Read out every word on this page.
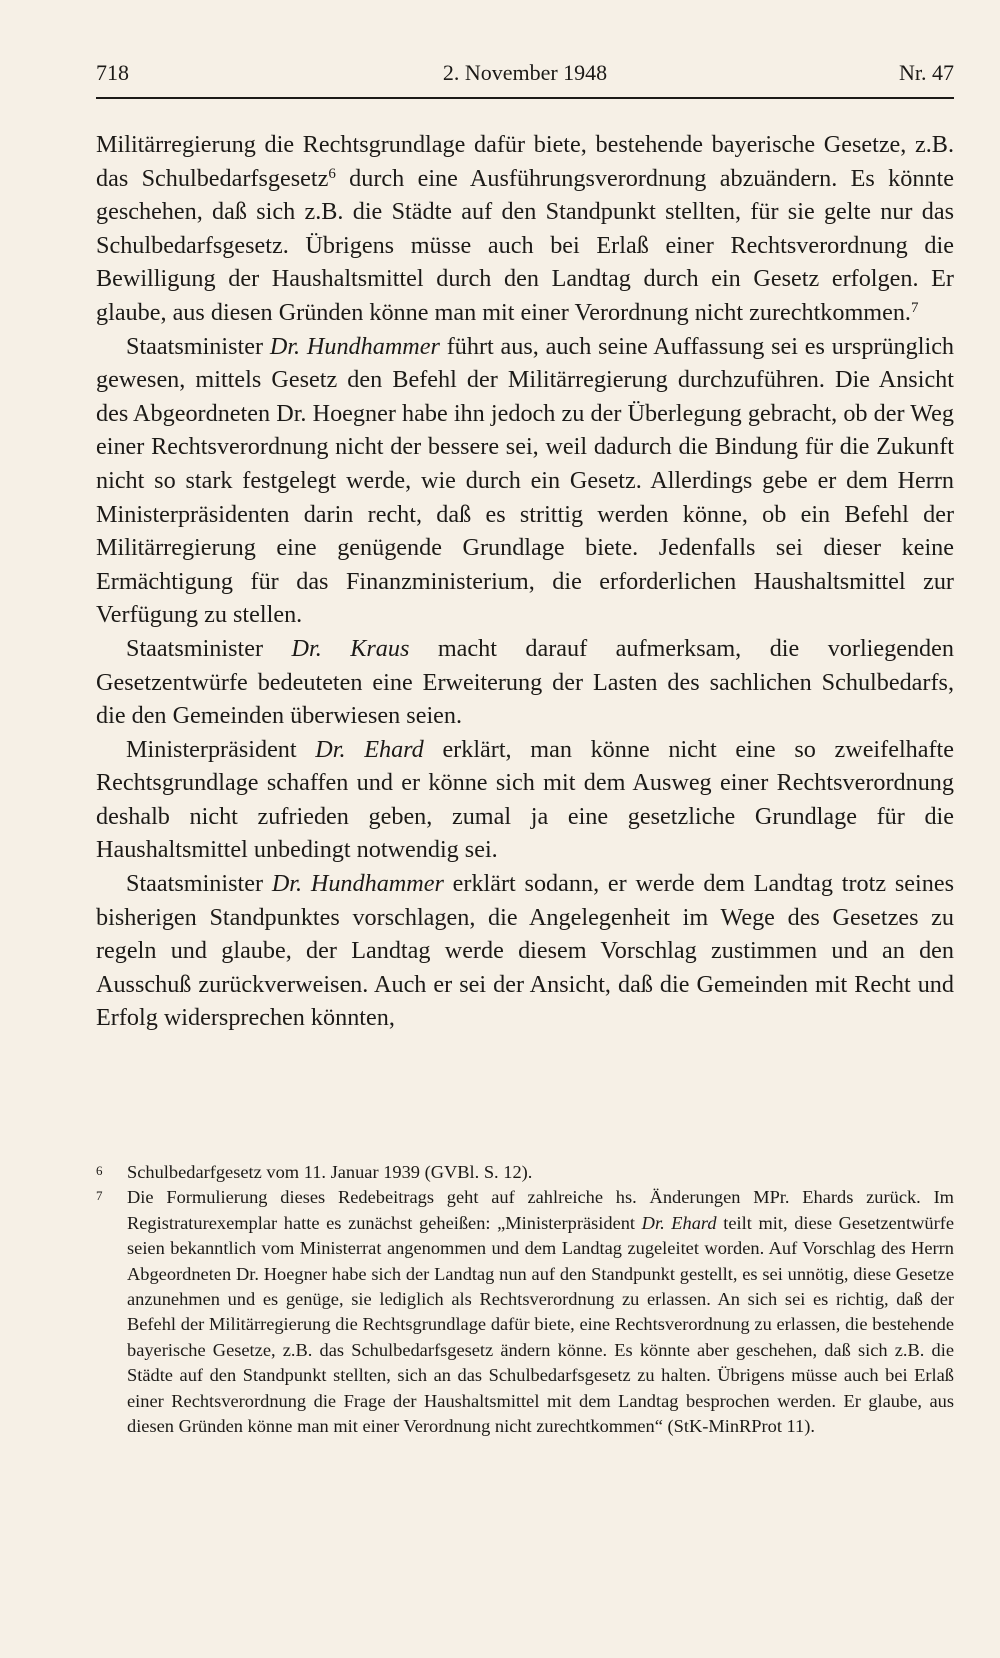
718	2. November 1948	Nr. 47

Militärregierung die Rechtsgrundlage dafür biete, bestehende bayerische Gesetze, z.B. das Schulbedarfsgesetz$^6$ durch eine Ausführungsverordnung abzuändern. Es könnte geschehen, daß sich z.B. die Städte auf den Standpunkt stellten, für sie gelte nur das Schulbedarfsgesetz. Übrigens müsse auch bei Erlaß einer Rechtsverordnung die Bewilligung der Haushaltsmittel durch den Landtag durch ein Gesetz erfolgen. Er glaube, aus diesen Gründen könne man mit einer Verordnung nicht zurechtkommen.$^7$

Staatsminister Dr. Hundhammer führt aus, auch seine Auffassung sei es ursprünglich gewesen, mittels Gesetz den Befehl der Militärregierung durchzuführen. Die Ansicht des Abgeordneten Dr. Hoegner habe ihn jedoch zu der Überlegung gebracht, ob der Weg einer Rechtsverordnung nicht der bessere sei, weil dadurch die Bindung für die Zukunft nicht so stark festgelegt werde, wie durch ein Gesetz. Allerdings gebe er dem Herrn Ministerpräsidenten darin recht, daß es strittig werden könne, ob ein Befehl der Militärregierung eine genügende Grundlage biete. Jedenfalls sei dieser keine Ermächtigung für das Finanzministerium, die erforderlichen Haushaltsmittel zur Verfügung zu stellen.

Staatsminister Dr. Kraus macht darauf aufmerksam, die vorliegenden Gesetzentwürfe bedeuteten eine Erweiterung der Lasten des sachlichen Schulbedarfs, die den Gemeinden überwiesen seien.

Ministerpräsident Dr. Ehard erklärt, man könne nicht eine so zweifelhafte Rechtsgrundlage schaffen und er könne sich mit dem Ausweg einer Rechtsverordnung deshalb nicht zufrieden geben, zumal ja eine gesetzliche Grundlage für die Haushaltsmittel unbedingt notwendig sei.

Staatsminister Dr. Hundhammer erklärt sodann, er werde dem Landtag trotz seines bisherigen Standpunktes vorschlagen, die Angelegenheit im Wege des Gesetzes zu regeln und glaube, der Landtag werde diesem Vorschlag zustimmen und an den Ausschuß zurückverweisen. Auch er sei der Ansicht, daß die Gemeinden mit Recht und Erfolg widersprechen könnten,

6 Schulbedarfgesetz vom 11. Januar 1939 (GVBl. S. 12).

7 Die Formulierung dieses Redebeitrags geht auf zahlreiche hs. Änderungen MPr. Ehards zurück. Im Registraturexemplar hatte es zunächst geheißen: „Ministerpräsident Dr. Ehard teilt mit, diese Gesetzentwürfe seien bekanntlich vom Ministerrat angenommen und dem Landtag zugeleitet worden. Auf Vorschlag des Herrn Abgeordneten Dr. Hoegner habe sich der Landtag nun auf den Standpunkt gestellt, es sei unnötig, diese Gesetze anzunehmen und es genüge, sie lediglich als Rechtsverordnung zu erlassen. An sich sei es richtig, daß der Befehl der Militärregierung die Rechtsgrundlage dafür biete, eine Rechtsverordnung zu erlassen, die bestehende bayerische Gesetze, z.B. das Schulbedarfsgesetz ändern könne. Es könnte aber geschehen, daß sich z.B. die Städte auf den Standpunkt stellten, sich an das Schulbedarfsgesetz zu halten. Übrigens müsse auch bei Erlaß einer Rechtsverordnung die Frage der Haushaltsmittel mit dem Landtag besprochen werden. Er glaube, aus diesen Gründen könne man mit einer Verordnung nicht zurechtkommen“ (StK-MinRProt 11).
